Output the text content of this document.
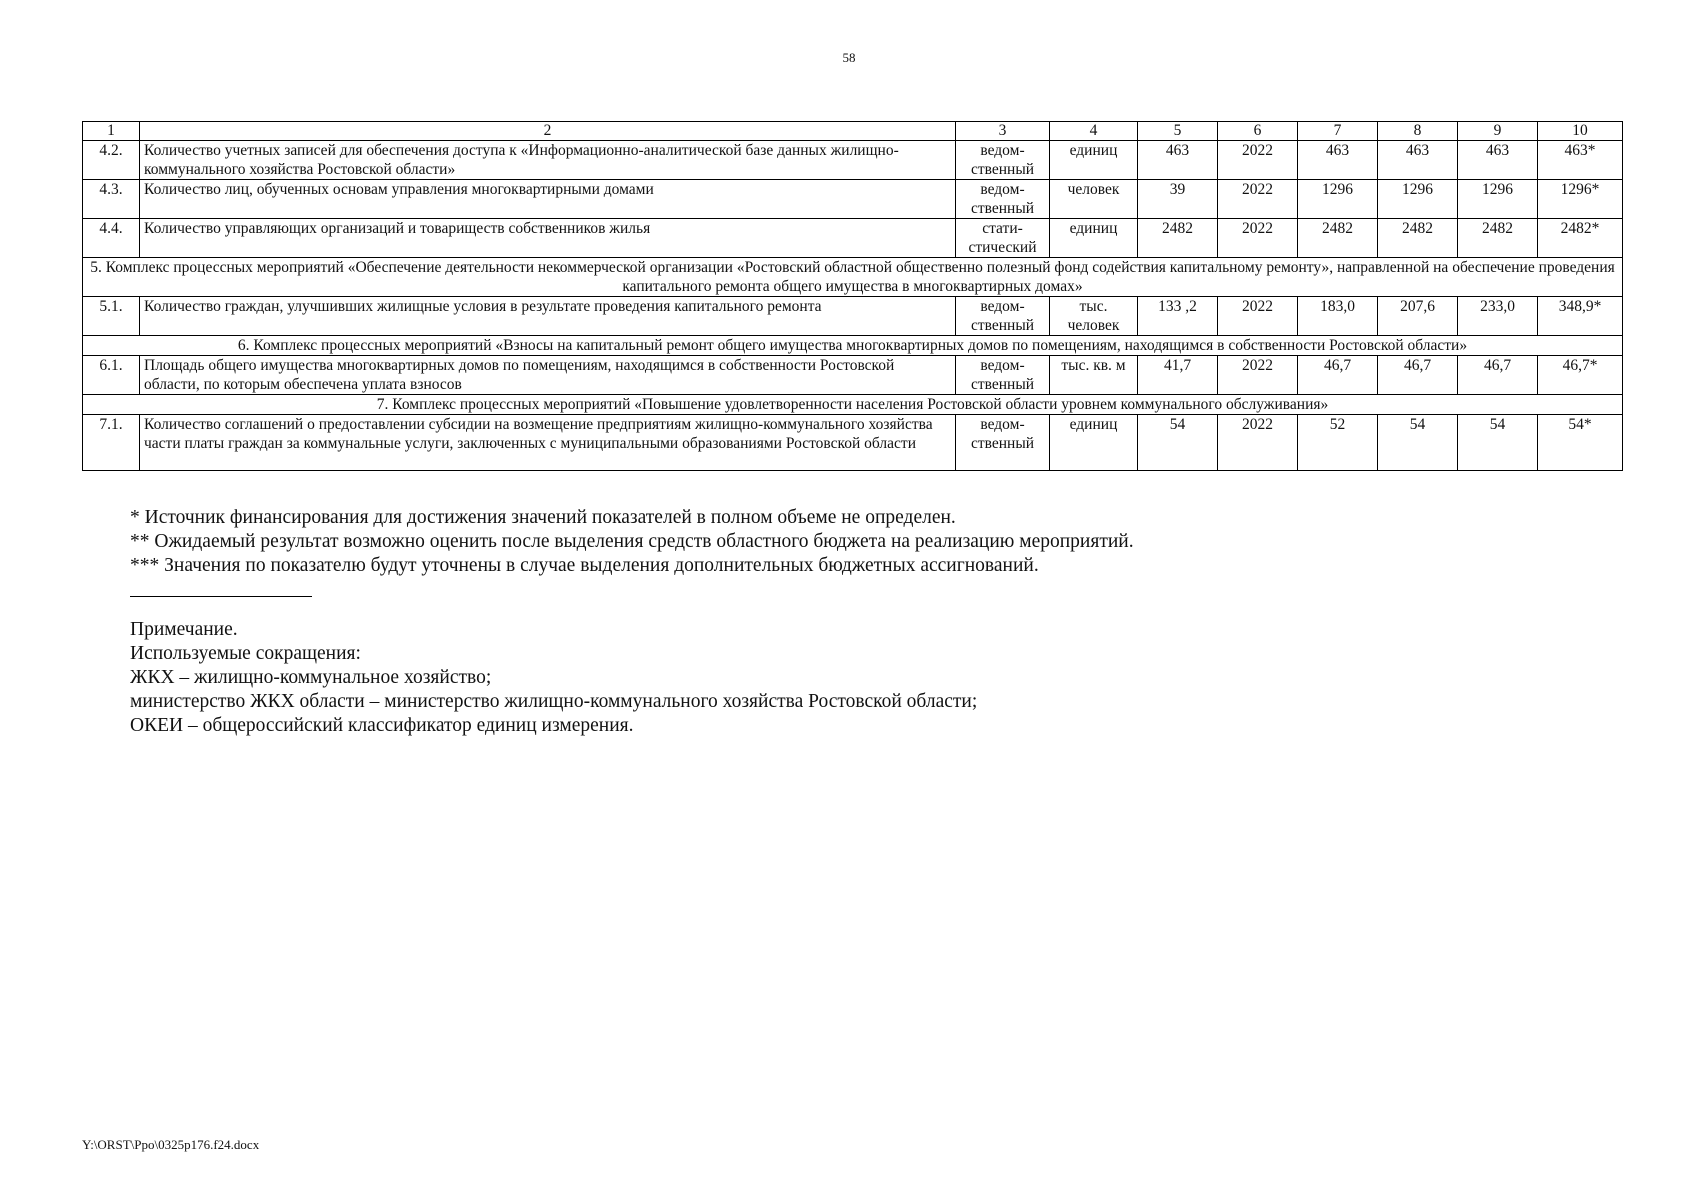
58
1	2	3	4	5	6	7	8	9	10
4.2.	Количество учетных записей для обеспечения доступа к «Информационно-аналитической базе данных жилищно-коммунального хозяйства Ростовской области»	ведом-ственный	единиц	463	2022	463	463	463	463*
4.3.	Количество лиц, обученных основам управления многоквартирными домами	ведом-ственный	человек	39	2022	1296	1296	1296	1296*
4.4.	Количество управляющих организаций и товариществ собственников жилья	стати-стический	единиц	2482	2022	2482	2482	2482	2482*
5. Комплекс процессных мероприятий «Обеспечение деятельности некоммерческой организации «Ростовский областной общественно полезный фонд содействия капитальному ремонту», направленной на обеспечение проведения капитального ремонта общего имущества в многоквартирных домах»									
5.1.	Количество граждан, улучшивших жилищные условия в результате проведения капитального ремонта	ведом-ственный	тыс. человек	133 ,2	2022	183,0	207,6	233,0	348,9*
6. Комплекс процессных мероприятий «Взносы на капитальный ремонт общего имущества многоквартирных домов по помещениям, находящимся в собственности Ростовской области»									
6.1.	Площадь общего имущества многоквартирных домов по помещениям, находящимся в собственности Ростовской области, по которым обеспечена уплата взносов	ведом-ственный	тыс. кв. м	41,7	2022	46,7	46,7	46,7	46,7*
7. Комплекс процессных мероприятий «Повышение удовлетворенности населения Ростовской области уровнем коммунального обслуживания»									
7.1.	Количество соглашений о предоставлении субсидии на возмещение предприятиям жилищно-коммунального хозяйства части платы граждан за коммунальные услуги, заключенных с муниципальными образованиями Ростовской области	ведом-ственный	единиц	54	2022	52	54	54	54*
* Источник финансирования для достижения значений показателей в полном объеме не определен.
** Ожидаемый результат возможно оценить после выделения средств областного бюджета на реализацию мероприятий.
*** Значения по показателю будут уточнены в случае выделения дополнительных бюджетных ассигнований.
Примечание.
Используемые сокращения:
ЖКХ – жилищно-коммунальное хозяйство;
министерство ЖКХ области – министерство жилищно-коммунального хозяйства Ростовской области;
ОКЕИ – общероссийский классификатор единиц измерения.
Y:\ORST\Ppo\0325p176.f24.docx
